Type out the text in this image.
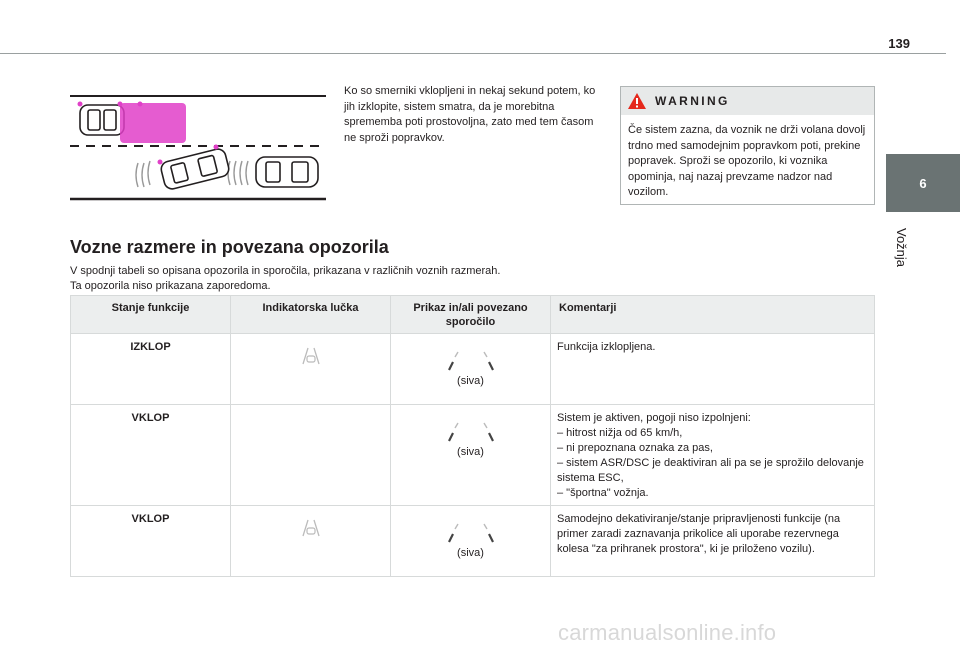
139
6
Vožnja
Ko so smerniki vklopljeni in nekaj sekund potem, ko jih izklopite, sistem smatra, da je morebitna sprememba poti prostovoljna, zato med tem časom ne sproži popravkov.
WARNING
Če sistem zazna, da voznik ne drži volana dovolj trdno med samodejnim popravkom poti, prekine popravek. Sproži se opozorilo, ki voznika opominja, naj nazaj prevzame nadzor nad vozilom.
Vozne razmere in povezana opozorila
V spodnji tabeli so opisana opozorila in sporočila, prikazana v različnih voznih razmerah.
Ta opozorila niso prikazana zaporedoma.
Stanje funkcije	Indikatorska lučka	Prikaz in/ali povezano sporočilo	Komentarji
IZKLOP		(siva)	Funkcija izklopljena.

VKLOP		(siva)	Sistem je aktiven, pogoji niso izpolnjeni:
– hitrost nižja od 65 km/h,
– ni prepoznana oznaka za pas,
– sistem ASR/DSC je deaktiviran ali pa se je sprožilo delovanje sistema ESC,
– "športna" vožnja.

VKLOP		(siva)	Samodejno dekativiranje/stanje pripravljenosti funkcije (na primer zaradi zaznavanja prikolice ali uporabe rezervnega kolesa "za prihranek prostora", ki je priloženo vozilu).
carmanualsonline.info
